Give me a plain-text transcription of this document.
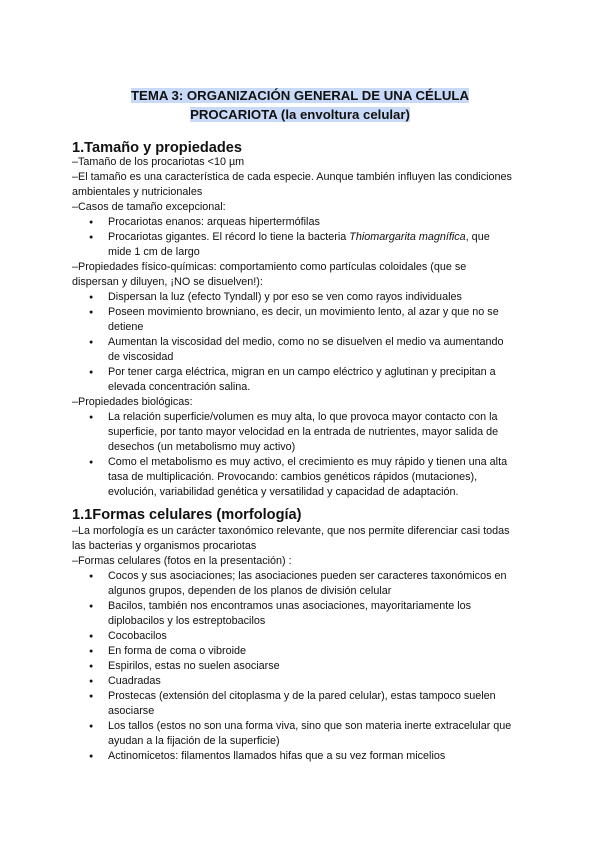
TEMA 3: ORGANIZACIÓN GENERAL DE UNA CÉLULA
PROCARIOTA (la envoltura celular)
1.Tamaño y propiedades
–Tamaño de los procariotas <10 µm
–El tamaño es una característica de cada especie. Aunque también influyen las condiciones
ambientales y nutricionales
–Casos de tamaño excepcional:
● Procariotas enanos: arqueas hipertermófilas
● Procariotas gigantes. El récord lo tiene la bacteria Thiomargarita magnífica, que
mide 1 cm de largo
–Propiedades físico-químicas: comportamiento como partículas coloidales (que se
dispersan y diluyen, ¡NO se disuelven!):
● Dispersan la luz (efecto Tyndall) y por eso se ven como rayos individuales
● Poseen movimiento browniano, es decir, un movimiento lento, al azar y que no se
detiene
● Aumentan la viscosidad del medio, como no se disuelven el medio va aumentando
de viscosidad
● Por tener carga eléctrica, migran en un campo eléctrico y aglutinan y precipitan a
elevada concentración salina.
–Propiedades biológicas:
● La relación superficie/volumen es muy alta, lo que provoca mayor contacto con la
superficie, por tanto mayor velocidad en la entrada de nutrientes, mayor salida de
desechos (un metabolismo muy activo)
● Como el metabolismo es muy activo, el crecimiento es muy rápido y tienen una alta
tasa de multiplicación. Provocando: cambios genéticos rápidos (mutaciones),
evolución, variabilidad genética y versatilidad y capacidad de adaptación.
1.1Formas celulares (morfología)
–La morfología es un carácter taxonómico relevante, que nos permite diferenciar casi todas
las bacterias y organismos procariotas
–Formas celulares (fotos en la presentación) :
● Cocos y sus asociaciones; las asociaciones pueden ser caracteres taxonómicos en
algunos grupos, dependen de los planos de división celular
● Bacilos, también nos encontramos unas asociaciones, mayoritariamente los
diplobacilos y los estreptobacilos
● Cocobacilos
● En forma de coma o vibroide
● Espirilos, estas no suelen asociarse
● Cuadradas
● Prostecas (extensión del citoplasma y de la pared celular), estas tampoco suelen
asociarse
● Los tallos (estos no son una forma viva, sino que son materia inerte extracelular que
ayudan a la fijación de la superficie)
● Actinomicetos: filamentos llamados hifas que a su vez forman micelios
